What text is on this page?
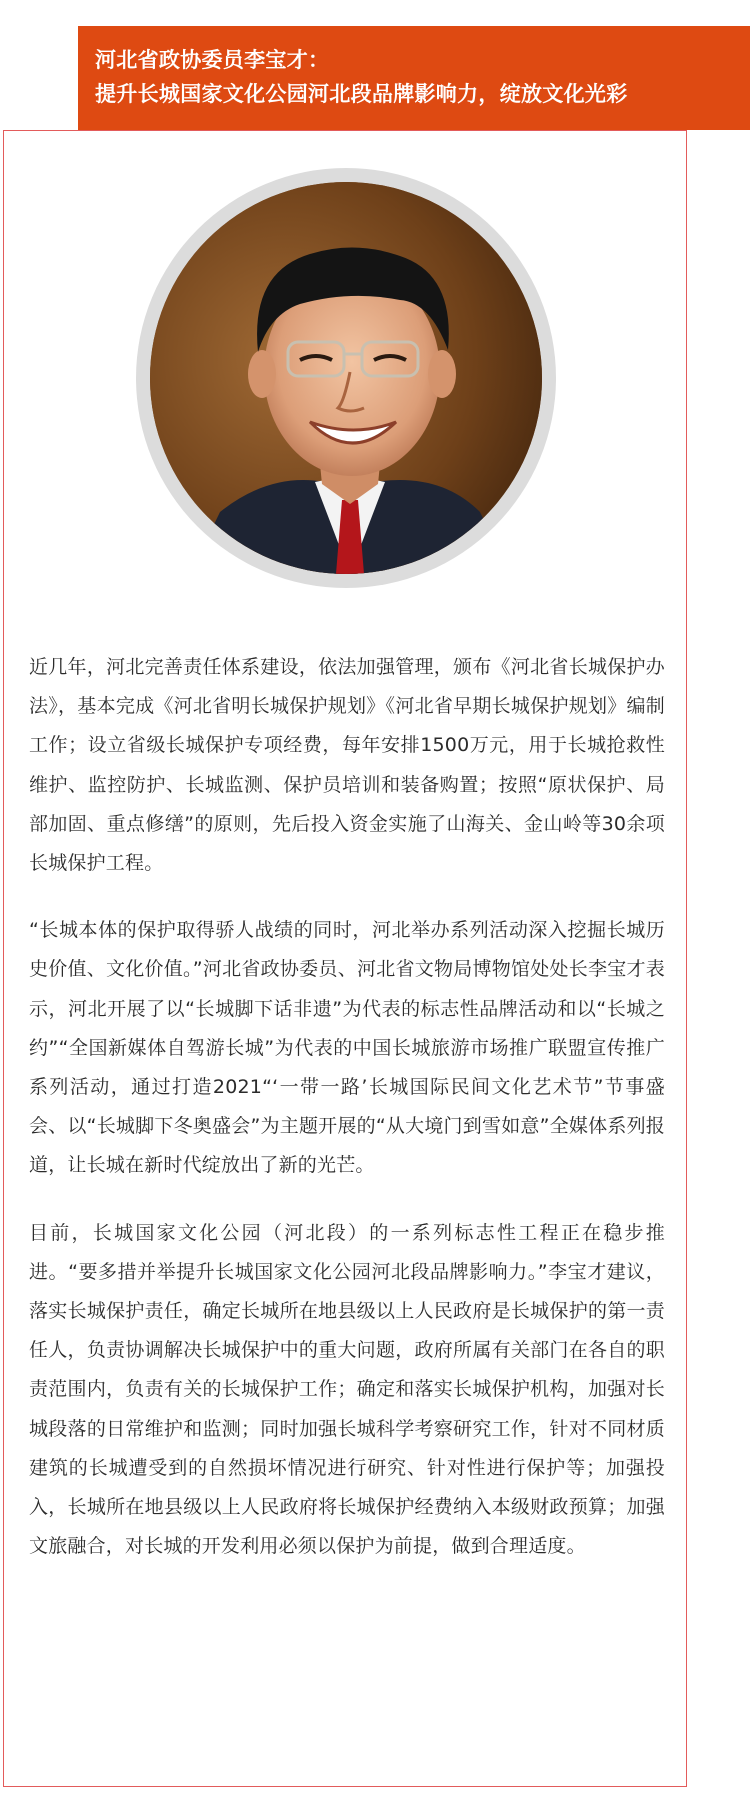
河北省政协委员李宝才：
提升长城国家文化公园河北段品牌影响力，绽放文化光彩

近几年，河北完善责任体系建设，依法加强管理，颁布《河北省长城保护办法》，基本完成《河北省明长城保护规划》《河北省早期长城保护规划》编制工作；设立省级长城保护专项经费，每年安排1500万元，用于长城抢救性维护、监控防护、长城监测、保护员培训和装备购置；按照“原状保护、局部加固、重点修缮”的原则，先后投入资金实施了山海关、金山岭等30余项长城保护工程。

“长城本体的保护取得骄人战绩的同时，河北举办系列活动深入挖掘长城历史价值、文化价值。”河北省政协委员、河北省文物局博物馆处处长李宝才表示，河北开展了以“长城脚下话非遗”为代表的标志性品牌活动和以“长城之约”“全国新媒体自驾游长城”为代表的中国长城旅游市场推广联盟宣传推广系列活动，通过打造2021“‘一带一路’长城国际民间文化艺术节”节事盛会、以“长城脚下冬奥盛会”为主题开展的“从大境门到雪如意”全媒体系列报道，让长城在新时代绽放出了新的光芒。

目前，长城国家文化公园（河北段）的一系列标志性工程正在稳步推进。“要多措并举提升长城国家文化公园河北段品牌影响力。”李宝才建议，落实长城保护责任，确定长城所在地县级以上人民政府是长城保护的第一责任人，负责协调解决长城保护中的重大问题，政府所属有关部门在各自的职责范围内，负责有关的长城保护工作；确定和落实长城保护机构，加强对长城段落的日常维护和监测；同时加强长城科学考察研究工作，针对不同材质建筑的长城遭受到的自然损坏情况进行研究、针对性进行保护等；加强投入，长城所在地县级以上人民政府将长城保护经费纳入本级财政预算；加强文旅融合，对长城的开发利用必须以保护为前提，做到合理适度。
